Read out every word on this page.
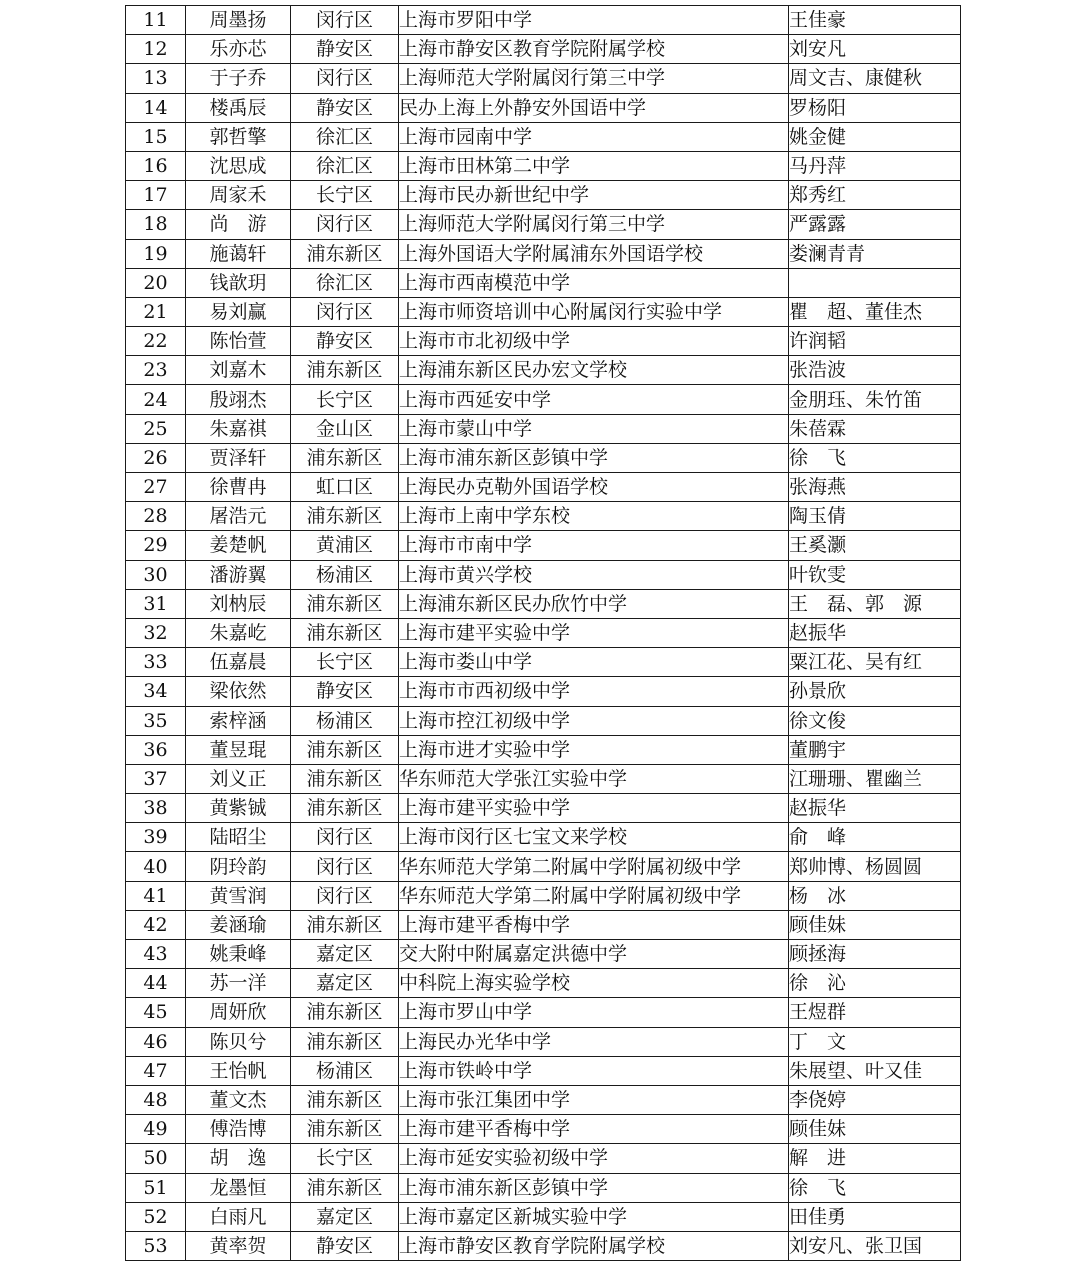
11	周墨扬	闵行区	上海市罗阳中学	王佳豪
12	乐亦芯	静安区	上海市静安区教育学院附属学校	刘安凡
13	于子乔	闵行区	上海师范大学附属闵行第三中学	周文吉、康健秋
14	楼禹辰	静安区	民办上海上外静安外国语中学	罗杨阳
15	郭哲擎	徐汇区	上海市园南中学	姚金健
16	沈思成	徐汇区	上海市田林第二中学	马丹萍
17	周家禾	长宁区	上海市民办新世纪中学	郑秀红
18	尚　游	闵行区	上海师范大学附属闵行第三中学	严露露
19	施蔼轩	浦东新区	上海外国语大学附属浦东外国语学校	娄澜青青
20	钱歆玥	徐汇区	上海市西南模范中学	
21	易刘赢	闵行区	上海市师资培训中心附属闵行实验中学	瞿　超、董佳杰
22	陈怡萱	静安区	上海市市北初级中学	许润韬
23	刘嘉木	浦东新区	上海浦东新区民办宏文学校	张浩波
24	殷翊杰	长宁区	上海市西延安中学	金朋珏、朱竹笛
25	朱嘉祺	金山区	上海市蒙山中学	朱蓓霖
26	贾泽轩	浦东新区	上海市浦东新区彭镇中学	徐　飞
27	徐曹冉	虹口区	上海民办克勒外国语学校	张海燕
28	屠浩元	浦东新区	上海市上南中学东校	陶玉倩
29	姜楚帆	黄浦区	上海市市南中学	王奚灏
30	潘游翼	杨浦区	上海市黄兴学校	叶钦雯
31	刘枘辰	浦东新区	上海浦东新区民办欣竹中学	王　磊、郭　源
32	朱嘉屹	浦东新区	上海市建平实验中学	赵振华
33	伍嘉晨	长宁区	上海市娄山中学	粟江花、吴有红
34	梁依然	静安区	上海市市西初级中学	孙景欣
35	索梓涵	杨浦区	上海市控江初级中学	徐文俊
36	董昱琨	浦东新区	上海市进才实验中学	董鹏宇
37	刘义正	浦东新区	华东师范大学张江实验中学	江珊珊、瞿幽兰
38	黄紫铖	浦东新区	上海市建平实验中学	赵振华
39	陆昭尘	闵行区	上海市闵行区七宝文来学校	俞　峰
40	阴玲韵	闵行区	华东师范大学第二附属中学附属初级中学	郑帅博、杨圆圆
41	黄雪润	闵行区	华东师范大学第二附属中学附属初级中学	杨　冰
42	姜涵瑜	浦东新区	上海市建平香梅中学	顾佳妹
43	姚秉峰	嘉定区	交大附中附属嘉定洪德中学	顾拯海
44	苏一洋	嘉定区	中科院上海实验学校	徐　沁
45	周妍欣	浦东新区	上海市罗山中学	王煜群
46	陈贝兮	浦东新区	上海民办光华中学	丁　文
47	王怡帆	杨浦区	上海市铁岭中学	朱展望、叶又佳
48	董文杰	浦东新区	上海市张江集团中学	李侥婷
49	傅浩博	浦东新区	上海市建平香梅中学	顾佳妹
50	胡　逸	长宁区	上海市延安实验初级中学	解　进
51	龙墨恒	浦东新区	上海市浦东新区彭镇中学	徐　飞
52	白雨凡	嘉定区	上海市嘉定区新城实验中学	田佳勇
53	黄率贺	静安区	上海市静安区教育学院附属学校	刘安凡、张卫国
